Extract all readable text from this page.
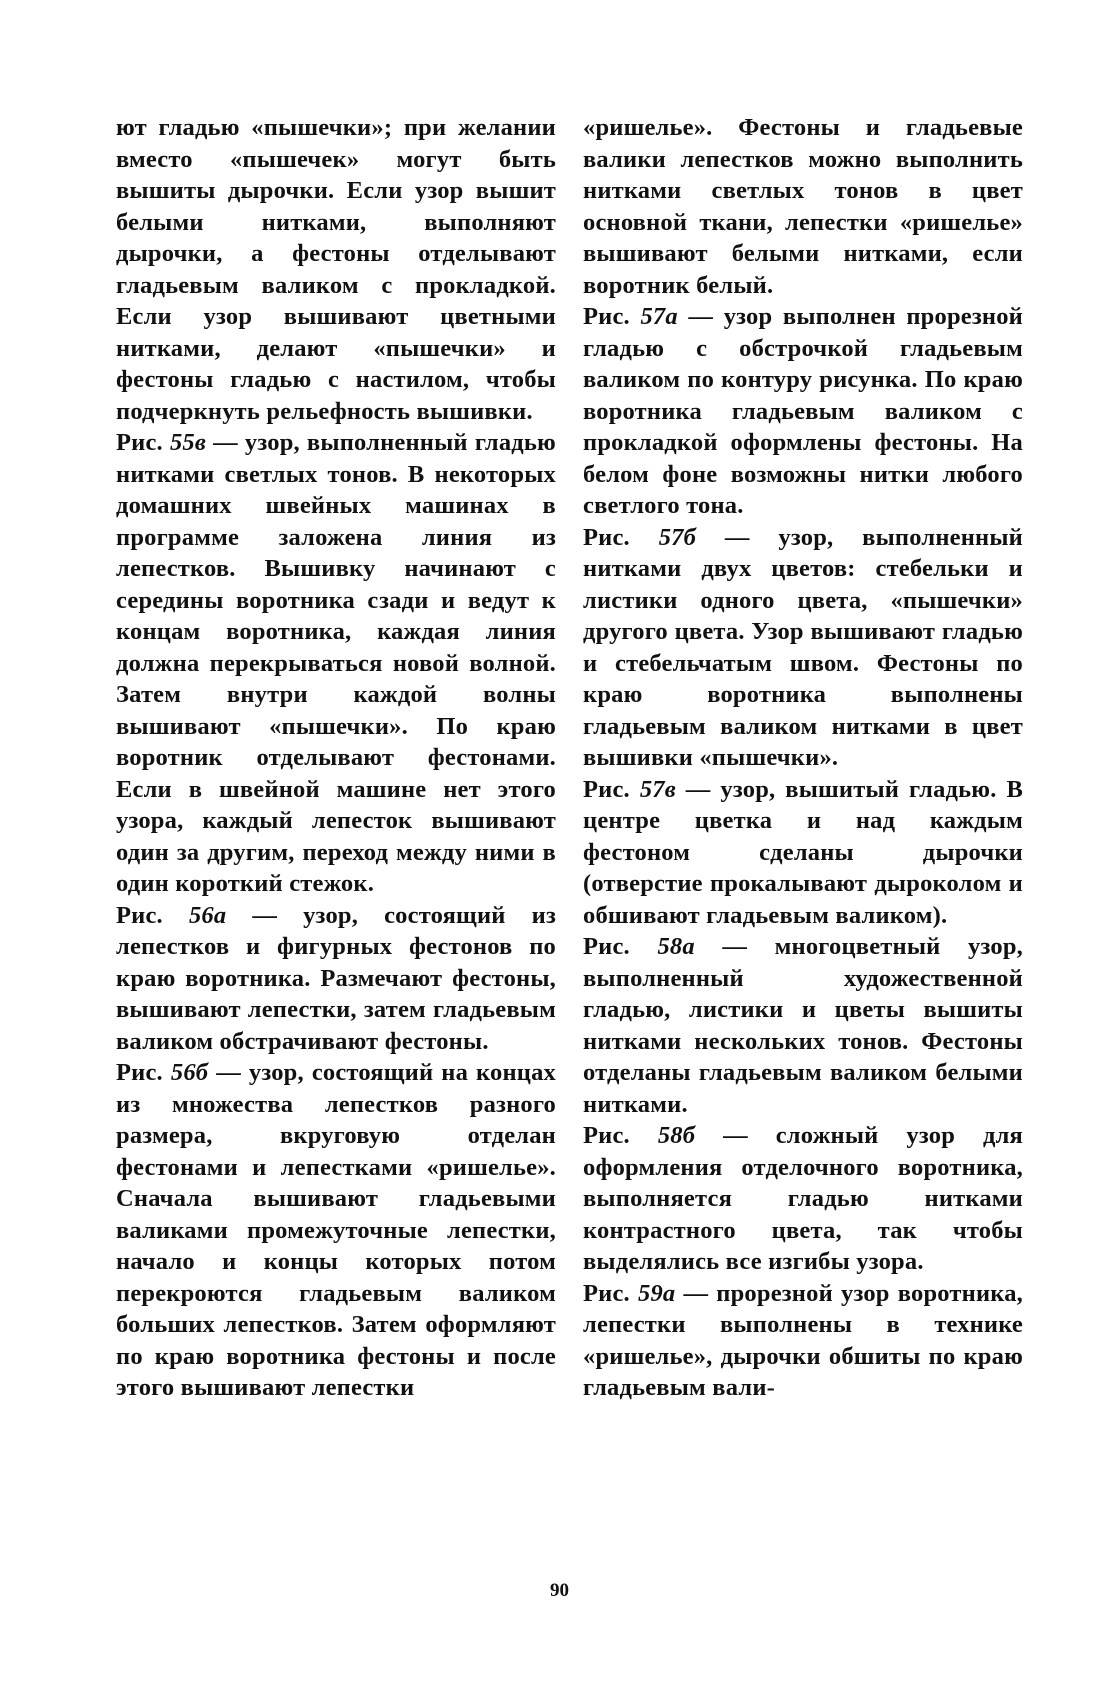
ют гладью «пышечки»; при желании вместо «пышечек» могут быть вышиты дырочки. Если узор вышит белыми нитками, выполняют дырочки, а фестоны отделывают гладьевым валиком с прокладкой. Если узор вышивают цветными нитками, делают «пышечки» и фестоны гладью с настилом, чтобы подчеркнуть рельефность вышивки.

Рис. 55в — узор, выполненный гладью нитками светлых тонов. В некоторых домашних швейных машинах в программе заложена линия из лепестков. Вышивку начинают с середины воротника сзади и ведут к концам воротника, каждая линия должна перекрываться новой волной. Затем внутри каждой волны вышивают «пышечки». По краю воротник отделывают фестонами. Если в швейной машине нет этого узора, каждый лепесток вышивают один за другим, переход между ними в один короткий стежок.

Рис. 56а — узор, состоящий из лепестков и фигурных фестонов по краю воротника. Размечают фестоны, вышивают лепестки, затем гладьевым валиком обстрачивают фестоны.

Рис. 56б — узор, состоящий на концах из множества лепестков разного размера, вкруговую отделан фестонами и лепестками «ришелье». Сначала вышивают гладьевыми валиками промежуточные лепестки, начало и концы которых потом перекроются гладьевым валиком больших лепестков. Затем оформляют по краю воротника фестоны и после этого вышивают лепестки

«ришелье». Фестоны и гладьевые валики лепестков можно выполнить нитками светлых тонов в цвет основной ткани, лепестки «ришелье» вышивают белыми нитками, если воротник белый.

Рис. 57а — узор выполнен прорезной гладью с обстрочкой гладьевым валиком по контуру рисунка. По краю воротника гладьевым валиком с прокладкой оформлены фестоны. На белом фоне возможны нитки любого светлого тона.

Рис. 57б — узор, выполненный нитками двух цветов: стебельки и листики одного цвета, «пышечки» другого цвета. Узор вышивают гладью и стебельчатым швом. Фестоны по краю воротника выполнены гладьевым валиком нитками в цвет вышивки «пышечки».

Рис. 57в — узор, вышитый гладью. В центре цветка и над каждым фестоном сделаны дырочки (отверстие прокалывают дыроколом и обшивают гладьевым валиком).

Рис. 58а — многоцветный узор, выполненный художественной гладью, листики и цветы вышиты нитками нескольких тонов. Фестоны отделаны гладьевым валиком белыми нитками.

Рис. 58б — сложный узор для оформления отделочного воротника, выполняется гладью нитками контрастного цвета, так чтобы выделялись все изгибы узора.

Рис. 59а — прорезной узор воротника, лепестки выполнены в технике «ришелье», дырочки обшиты по краю гладьевым вали-

90
